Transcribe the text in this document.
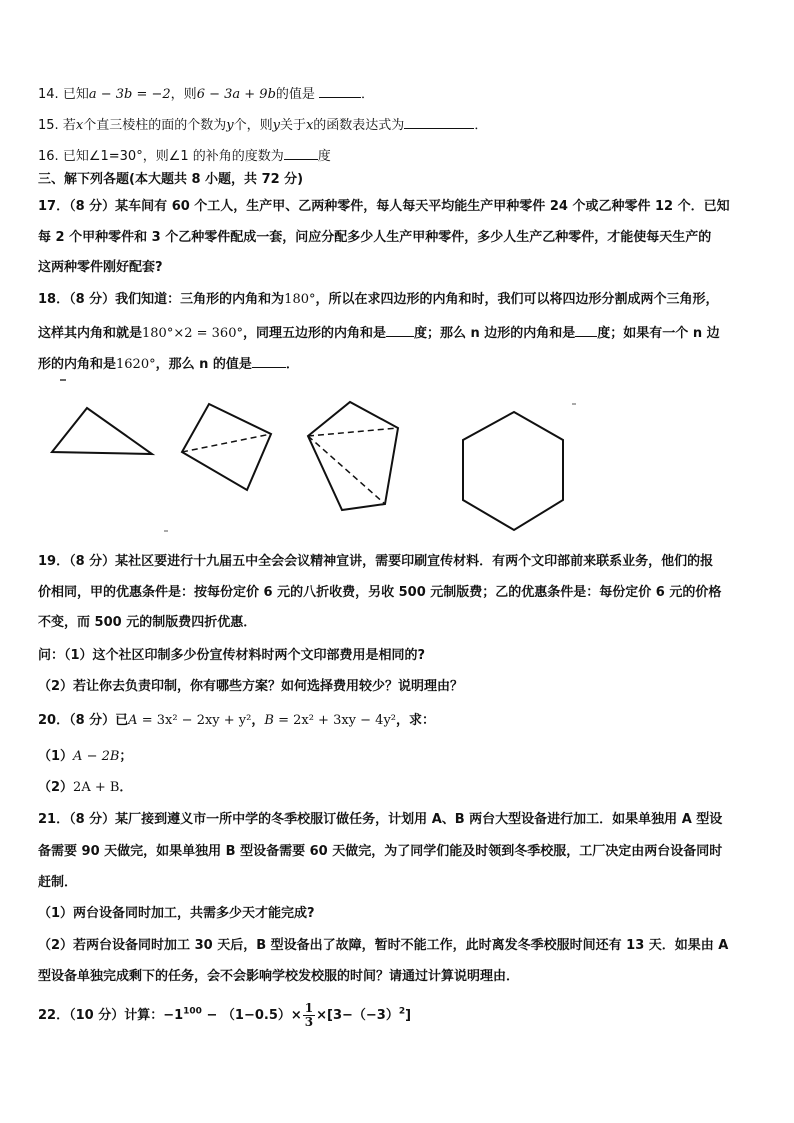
14. 已知a − 3b = −2，则6 − 3a + 9b的值是	．
15. 若x个直三棱柱的面的个数为y个，则y关于x的函数表达式为	．
16. 已知∠1=30°，则∠1 的补角的度数为	度
三、解下列各题(本大题共 8 小题，共 72 分)
17．（8 分）某车间有 60 个工人，生产甲、乙两种零件，每人每天平均能生产甲种零件 24 个或乙种零件 12 个．已知
每 2 个甲种零件和 3 个乙种零件配成一套，问应分配多少人生产甲种零件，多少人生产乙种零件，才能使每天生产的
这两种零件刚好配套?
18．（8 分）我们知道：三角形的内角和为180°，所以在求四边形的内角和时，我们可以将四边形分割成两个三角形，
这样其内角和就是180°×2 = 360°，同理五边形的内角和是 度；那么 n 边形的内角和是 度；如果有一个 n 边
形的内角和是1620°，那么 n 的值是	．
19．（8 分）某社区要进行十九届五中全会会议精神宣讲，需要印刷宣传材料．有两个文印部前来联系业务，他们的报
价相同，甲的优惠条件是：按每份定价 6 元的八折收费，另收 500 元制版费；乙的优惠条件是：每份定价 6 元的价格
不变，而 500 元的制版费四折优惠．
问：（1）这个社区印制多少份宣传材料时两个文印部费用是相同的?
（2）若让你去负责印制，你有哪些方案？如何选择费用较少？说明理由？
20．（8 分）已A = 3x² − 2xy + y²，B = 2x² + 3xy − 4y²，求：
（1）A − 2B；
（2）2A + B．
21．（8 分）某厂接到遵义市一所中学的冬季校服订做任务，计划用 A、B 两台大型设备进行加工．如果单独用 A 型设
备需要 90 天做完，如果单独用 B 型设备需要 60 天做完，为了同学们能及时领到冬季校服，工厂决定由两台设备同时
赶制．
（1）两台设备同时加工，共需多少天才能完成?
（2）若两台设备同时加工 30 天后，B 型设备出了故障，暂时不能工作，此时离发冬季校服时间还有 13 天．如果由 A
型设备单独完成剩下的任务，会不会影响学校发校服的时间？请通过计算说明理由．
22．（10 分）计算：$-1^{100} - (1-0.5)\times \frac{1}{3} \times[3-(-3)^2]$
